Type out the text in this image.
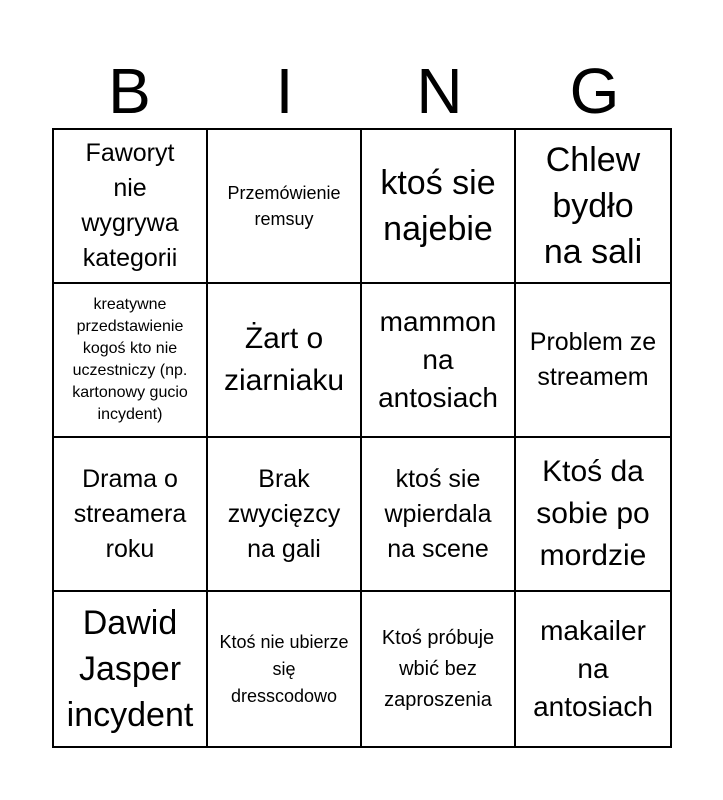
B	I	N	G
Faworyt nie wygrywa kategorii
Przemówienie remsuy
ktoś sie najebie
Chlew bydło na sali
kreatywne przedstawienie kogoś kto nie uczestniczy (np. kartonowy gucio incydent)
Żart o ziarniaku
mammon na antosiach
Problem ze streamem
Drama o streamera roku
Brak zwycięzcy na gali
ktoś sie wpierdala na scene
Ktoś da sobie po mordzie
Dawid Jasper incydent
Ktoś nie ubierze się dresscodowo
Ktoś próbuje wbić bez zaproszenia
makailer na antosiach
